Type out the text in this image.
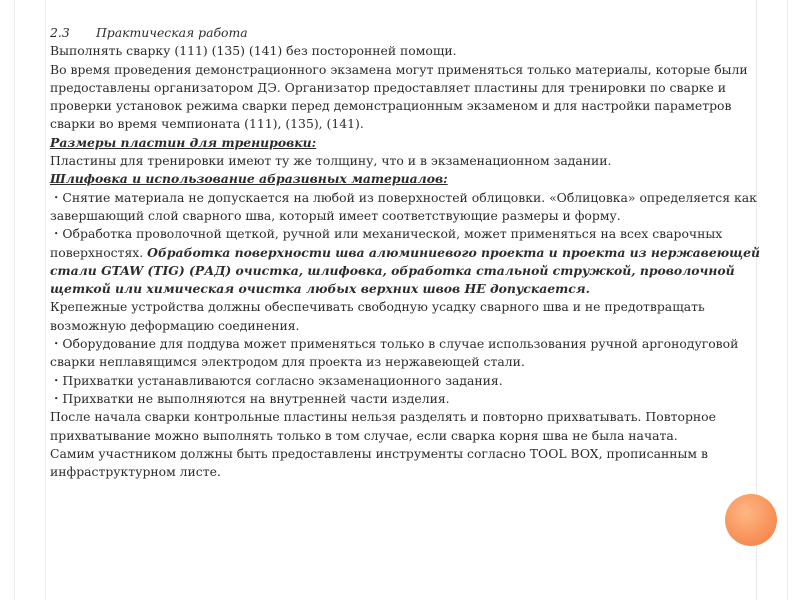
2.3 Практическая работа

Выполнять сварку (111) (135) (141) без посторонней помощи.

Во время проведения демонстрационного экзамена могут применяться только материалы, которые были предоставлены организатором ДЭ. Организатор предоставляет пластины для тренировки по сварке и проверки установок режима сварки перед демонстрационным экзаменом и для настройки параметров сварки во время чемпионата (111), (135), (141).

Размеры пластин для тренировки:

Пластины для тренировки имеют ту же толщину, что и в экзаменационном задании.

Шлифовка и использование абразивных материалов:

・Снятие материала не допускается на любой из поверхностей облицовки. «Облицовка» определяется как завершающий слой сварного шва, который имеет соответствующие размеры и форму.

・Обработка проволочной щеткой, ручной или механической, может применяться на всех сварочных поверхностях. Обработка поверхности шва алюминиевого проекта и проекта из нержавеющей стали GTAW (TIG) (РАД) очистка, шлифовка, обработка стальной стружкой, проволочной щеткой или химическая очистка любых верхних швов НЕ допускается.

Крепежные устройства должны обеспечивать свободную усадку сварного шва и не предотвращать возможную деформацию соединения.

・Оборудование для поддува может применяться только в случае использования ручной аргонодуговой сварки неплавящимся электродом для проекта из нержавеющей стали.

・Прихватки устанавливаются согласно экзаменационного задания.

・Прихватки не выполняются на внутренней части изделия.

После начала сварки контрольные пластины нельзя разделять и повторно прихватывать. Повторное прихватывание можно выполнять только в том случае, если сварка корня шва не была начата.

Самим участником должны быть предоставлены инструменты согласно TOOL BOX, прописанным в инфраструктурном листе.
